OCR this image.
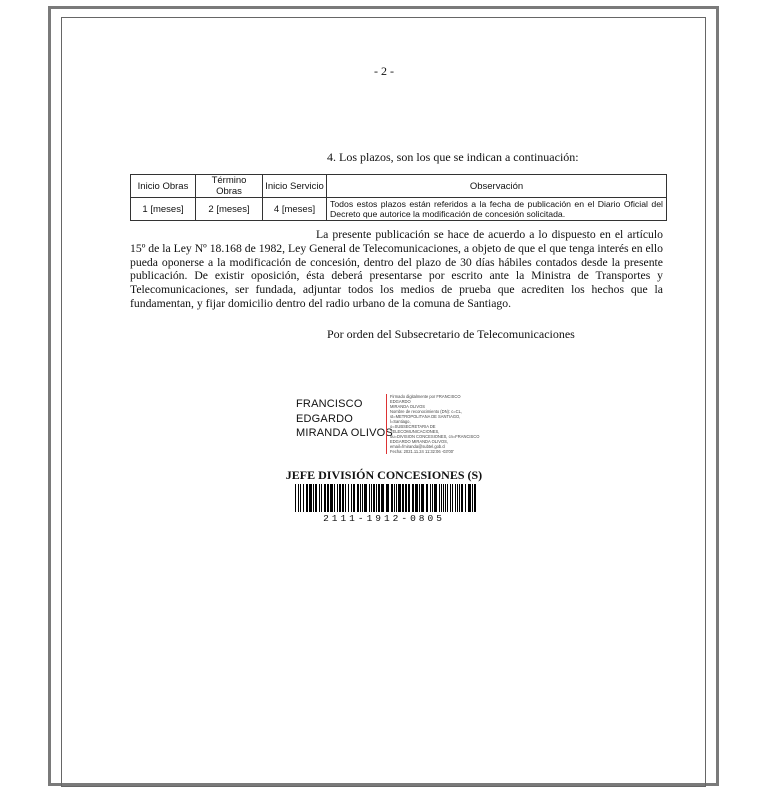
- 2 -
4. Los plazos, son los que se indican a continuación:
Inicio Obras	Término Obras	Inicio Servicio	Observación
1 [meses]	2 [meses]	4 [meses]	Todos estos plazos están referidos a la fecha de publicación en el Diario Oficial del Decreto que autorice la modificación de concesión solicitada.
La presente publicación se hace de acuerdo a lo dispuesto en el artículo 15º de la Ley Nº 18.168 de 1982, Ley General de Telecomunicaciones, a objeto de que el que tenga interés en ello pueda oponerse a la modificación de concesión, dentro del plazo de 30 días hábiles contados desde la presente publicación. De existir oposición, ésta deberá presentarse por escrito ante la Ministra de Transportes y Telecomunicaciones, ser fundada, adjuntar todos los medios de prueba que acrediten los hechos que la fundamentan, y fijar domicilio dentro del radio urbano de la comuna de Santiago.
Por orden del Subsecretario de Telecomunicaciones
FRANCISCO
EDGARDO
MIRANDA OLIVOS
Firmado digitalmente por FRANCISCO EDGARDO
MIRANDA OLIVOS
Nombre de reconocimiento (DN): c=CL,
st=METROPOLITANA DE SANTIAGO, l=Santiago,
o=SUBSECRETARIA DE TELECOMUNICACIONES,
ou=DIVISION CONCESIONES, cn=FRANCISCO
EDGARDO MIRANDA OLIVOS,
email=fmiranda@subtel.gob.cl
Fecha: 2021.11.24 11:32:06 -03'00'
JEFE DIVISIÓN CONCESIONES (S)
2111-1912-0805
